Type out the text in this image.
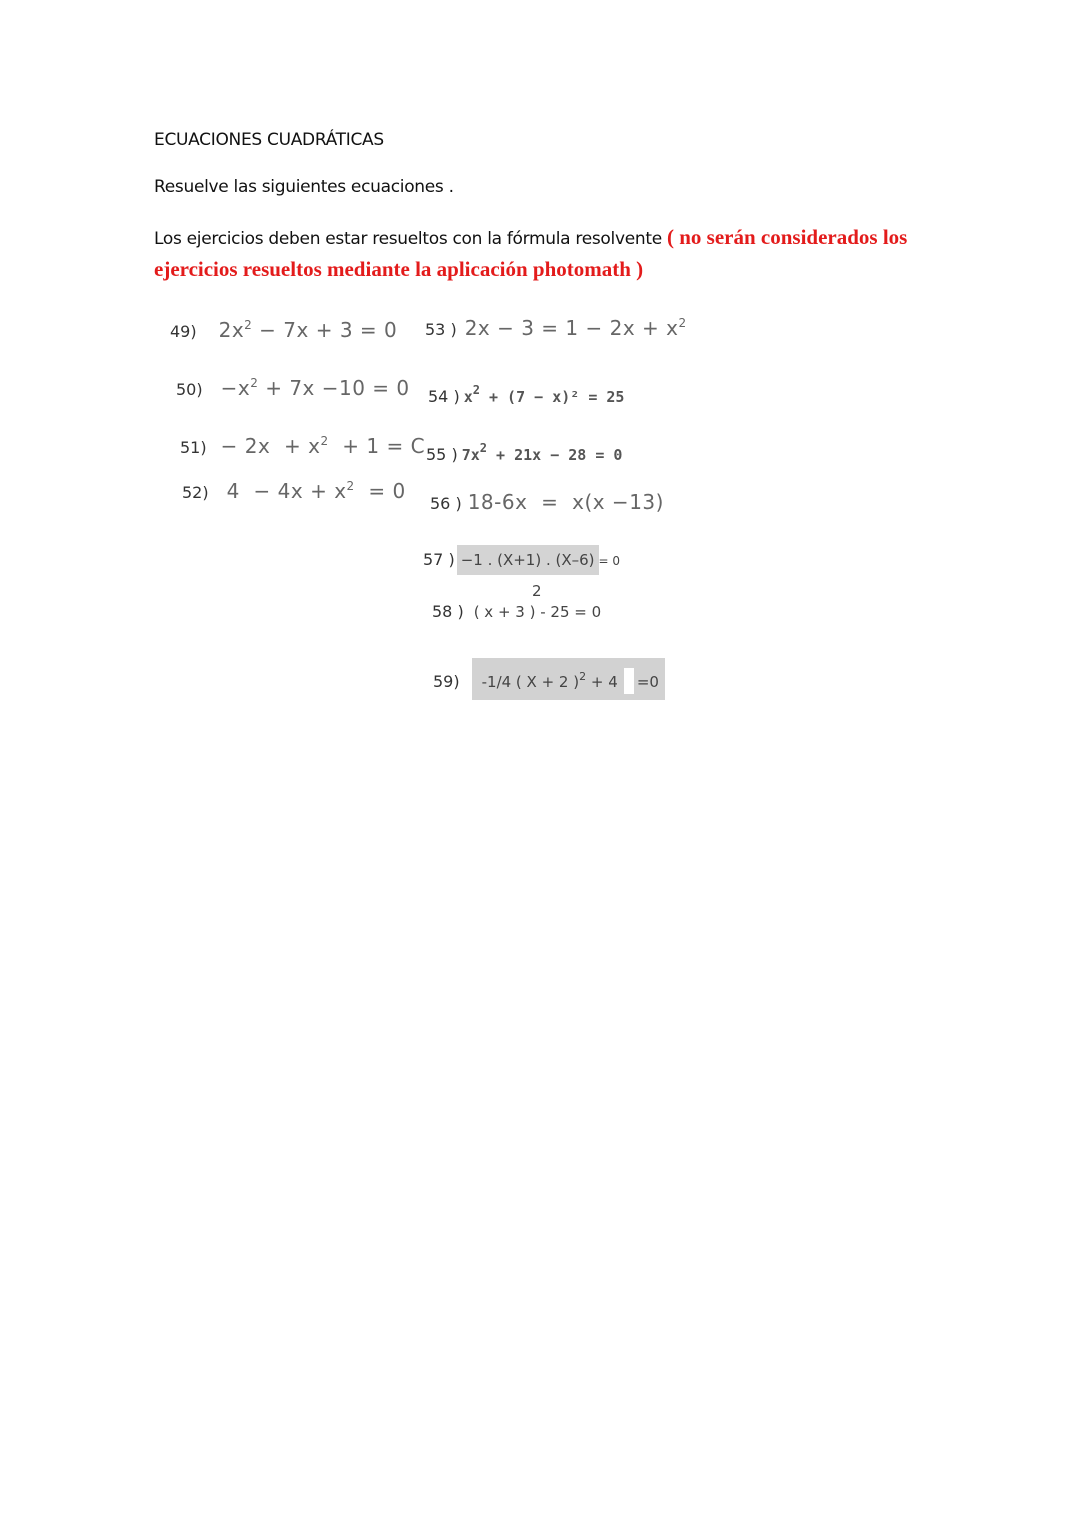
ECUACIONES CUADRÁTICAS
Resuelve las siguientes ecuaciones .
Los ejercicios deben estar resueltos con la fórmula resolvente ( no serán considerados los ejercicios resueltos mediante la aplicación photomath )
49) $2x^2 - 7x + 3 = 0$
$50) -x^2 + 7x -10 = 0$
$51) - 2x + x^2 + 1 = C$
52) $4 - 4x + x^2 = 0$
53 ) $2x - 3 = 1 - 2x + x^2$
54 ) $x^2 + (7 - x)^2 = 25$
55 ) $7x^2 + 21x - 28 = 0$
56 ) 18-6x  =  x(x −13)
57 ) −1 . (X+1) . (X–6) = 0
2
58 ) ( x + 3 ) - 25 = 0
59) -1/4 ( X + 2 )$^2$ + 4    =0
